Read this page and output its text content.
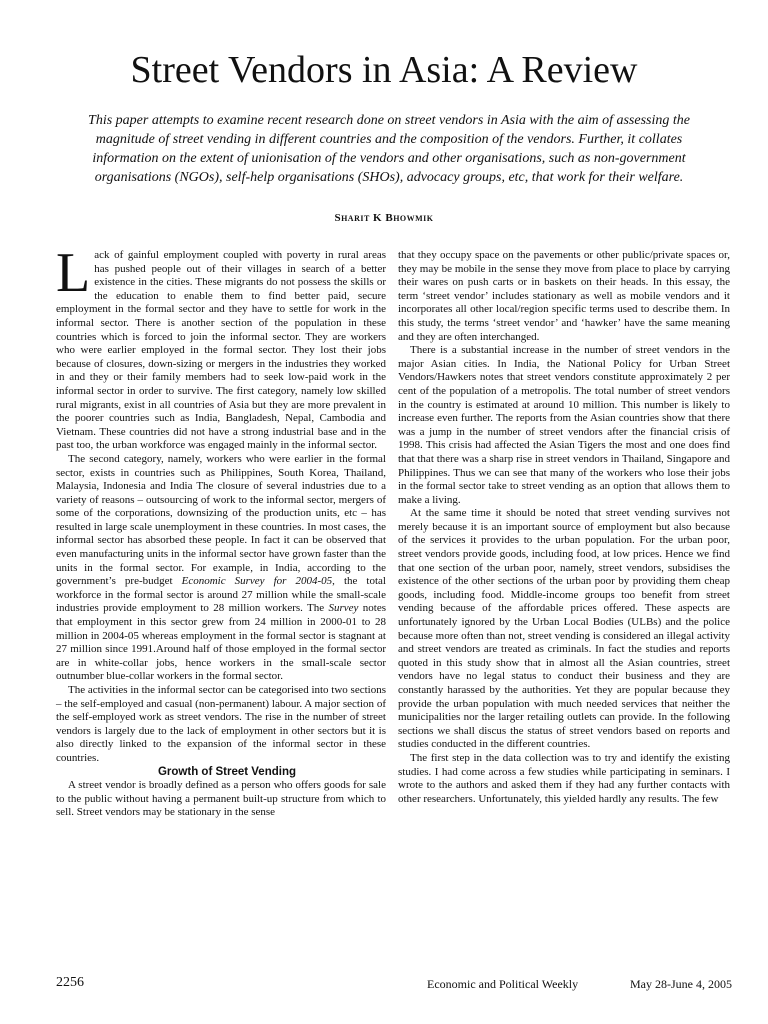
Street Vendors in Asia: A Review
This paper attempts to examine recent research done on street vendors in Asia with the aim of assessing the magnitude of street vending in different countries and the composition of the vendors. Further, it collates information on the extent of unionisation of the vendors and other organisations, such as non-government organisations (NGOs), self-help organisations (SHOs), advocacy groups, etc, that work for their welfare.
Sharit K Bhowmik

Lack of gainful employment coupled with poverty in rural areas has pushed people out of their villages in search of a better existence in the cities. These migrants do not possess the skills or the education to enable them to find better paid, secure employment in the formal sector and they have to settle for work in the informal sector. There is another section of the population in these countries which is forced to join the informal sector. They are workers who were earlier employed in the formal sector. They lost their jobs because of closures, down-sizing or mergers in the industries they worked in and they or their family members had to seek low-paid work in the informal sector in order to survive. The first category, namely low skilled rural migrants, exist in all countries of Asia but they are more prevalent in the poorer countries such as India, Bangladesh, Nepal, Cambodia and Vietnam. These countries did not have a strong industrial base and in the past too, the urban workforce was engaged mainly in the informal sector.

The second category, namely, workers who were earlier in the formal sector, exists in countries such as Philippines, South Korea, Thailand, Malaysia, Indonesia and India The closure of several industries due to a variety of reasons – outsourcing of work to the informal sector, mergers of some of the corporations, downsizing of the production units, etc – has resulted in large scale unemployment in these countries. In most cases, the informal sector has absorbed these people. In fact it can be observed that even manufacturing units in the informal sector have grown faster than the units in the formal sector. For example, in India, according to the government’s pre-budget Economic Survey for 2004-05, the total workforce in the formal sector is around 27 million while the small-scale industries provide employment to 28 million workers. The Survey notes that employment in this sector grew from 24 million in 2000-01 to 28 million in 2004-05 whereas employment in the formal sector is stagnant at 27 million since 1991.Around half of those employed in the formal sector are in white-collar jobs, hence workers in the small-scale sector outnumber blue-collar workers in the formal sector.

The activities in the informal sector can be categorised into two sections – the self-employed and casual (non-permanent) labour. A major section of the self-employed work as street vendors. The rise in the number of street vendors is largely due to the lack of employment in other sectors but it is also directly linked to the expansion of the informal sector in these countries.

Growth of Street Vending

A street vendor is broadly defined as a person who offers goods for sale to the public without having a permanent built-up structure from which to sell. Street vendors may be stationary in the sense

that they occupy space on the pavements or other public/private spaces or, they may be mobile in the sense they move from place to place by carrying their wares on push carts or in baskets on their heads. In this essay, the term ‘street vendor’ includes stationary as well as mobile vendors and it incorporates all other local/region specific terms used to describe them. In this study, the terms ‘street vendor’ and ‘hawker’ have the same meaning and they are often interchanged.

There is a substantial increase in the number of street vendors in the major Asian cities. In India, the National Policy for Urban Street Vendors/Hawkers notes that street vendors constitute approximately 2 per cent of the population of a metropolis. The total number of street vendors in the country is estimated at around 10 million. This number is likely to increase even further. The reports from the Asian countries show that there was a jump in the number of street vendors after the financial crisis of 1998. This crisis had affected the Asian Tigers the most and one does find that that there was a sharp rise in street vendors in Thailand, Singapore and Philippines. Thus we can see that many of the workers who lose their jobs in the formal sector take to street vending as an option that allows them to make a living.

At the same time it should be noted that street vending survives not merely because it is an important source of employment but also because of the services it provides to the urban population. For the urban poor, street vendors provide goods, including food, at low prices. Hence we find that one section of the urban poor, namely, street vendors, subsidises the existence of the other sections of the urban poor by providing them cheap goods, including food. Middle-income groups too benefit from street vending because of the affordable prices offered. These aspects are unfortunately ignored by the Urban Local Bodies (ULBs) and the police because more often than not, street vending is considered an illegal activity and street vendors are treated as criminals. In fact the studies and reports quoted in this study show that in almost all the Asian countries, street vendors have no legal status to conduct their business and they are constantly harassed by the authorities. Yet they are popular because they provide the urban population with much needed services that neither the municipalities nor the larger retailing outlets can provide. In the following sections we shall discus the status of street vendors based on reports and studies conducted in the different countries.

The first step in the data collection was to try and identify the existing studies. I had come across a few studies while participating in seminars. I wrote to the authors and asked them if they had any further contacts with other researchers. Unfortunately, this yielded hardly any results. The few

2256	Economic and Political Weekly	May 28-June 4, 2005
